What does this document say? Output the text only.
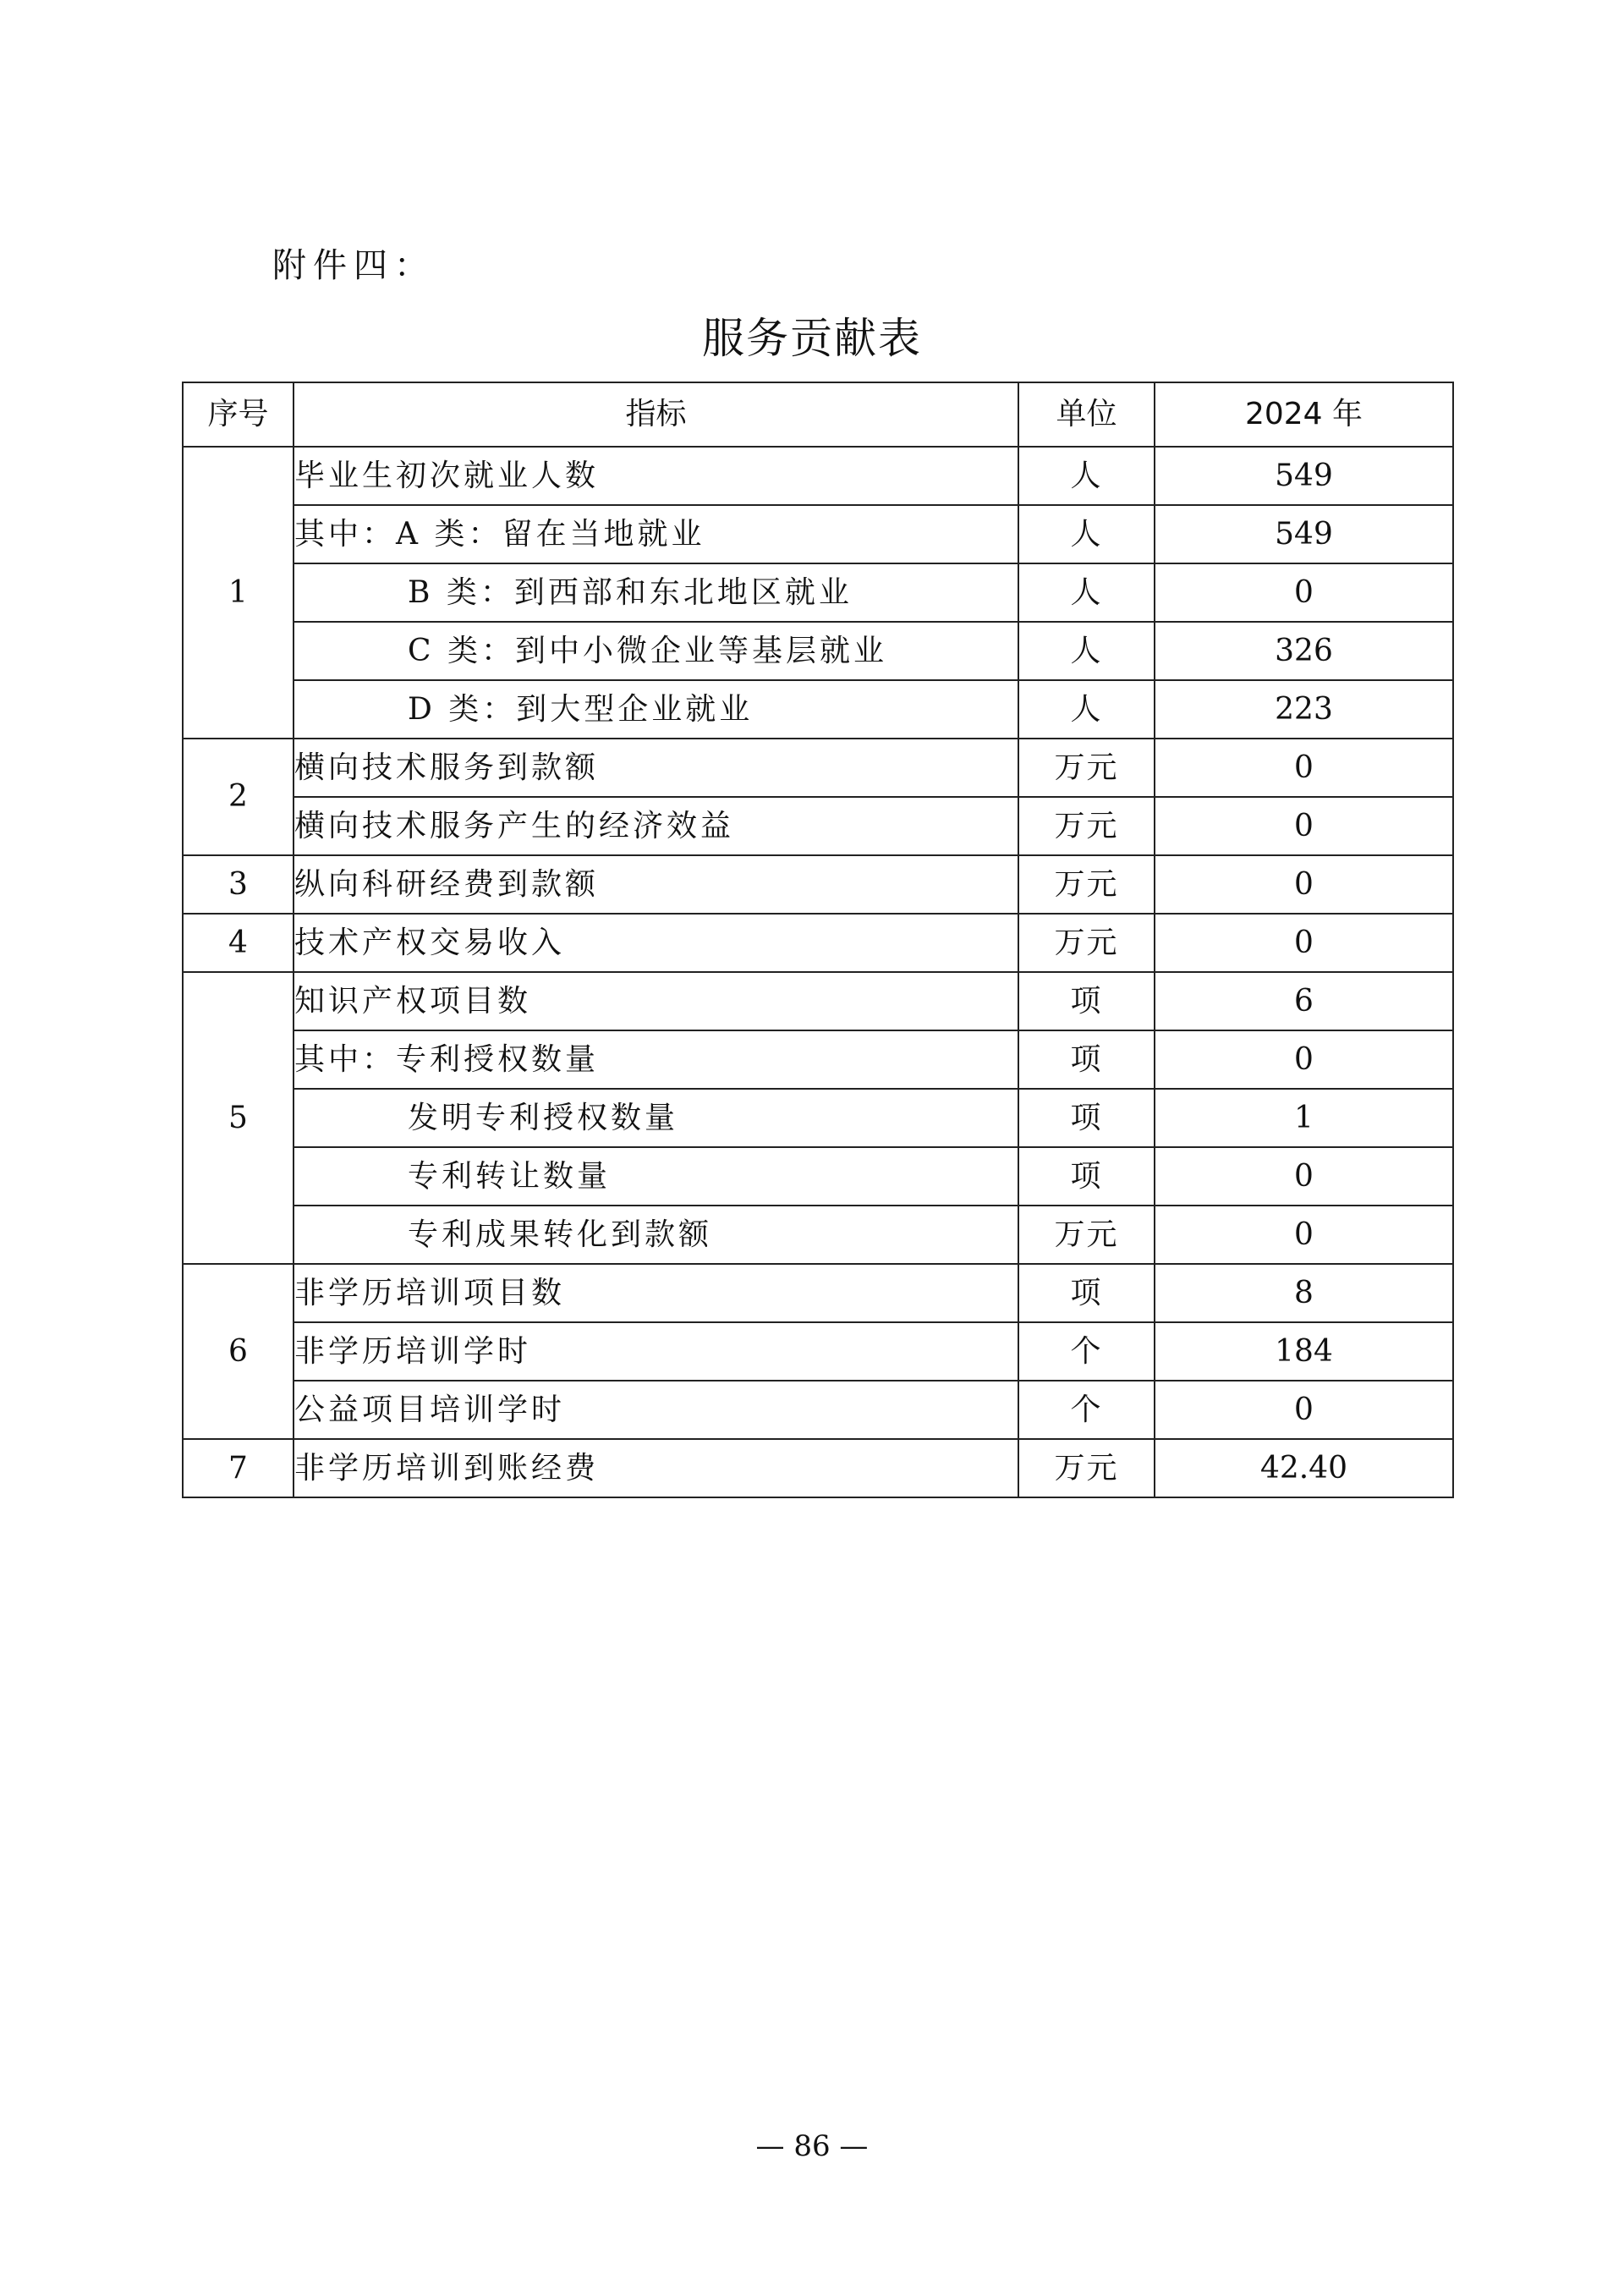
附件四：
服务贡献表
序号	指标	单位	2024 年
1	毕业生初次就业人数	人	549
	其中：A 类：留在当地就业	人	549
	B 类：到西部和东北地区就业	人	0
	C 类：到中小微企业等基层就业	人	326
	D 类：到大型企业就业	人	223
2	横向技术服务到款额	万元	0
	横向技术服务产生的经济效益	万元	0
3	纵向科研经费到款额	万元	0
4	技术产权交易收入	万元	0
5	知识产权项目数	项	6
	其中：专利授权数量	项	0
	发明专利授权数量	项	1
	专利转让数量	项	0
	专利成果转化到款额	万元	0
6	非学历培训项目数	项	8
	非学历培训学时	个	184
	公益项目培训学时	个	0
7	非学历培训到账经费	万元	42.40
— 86 —
